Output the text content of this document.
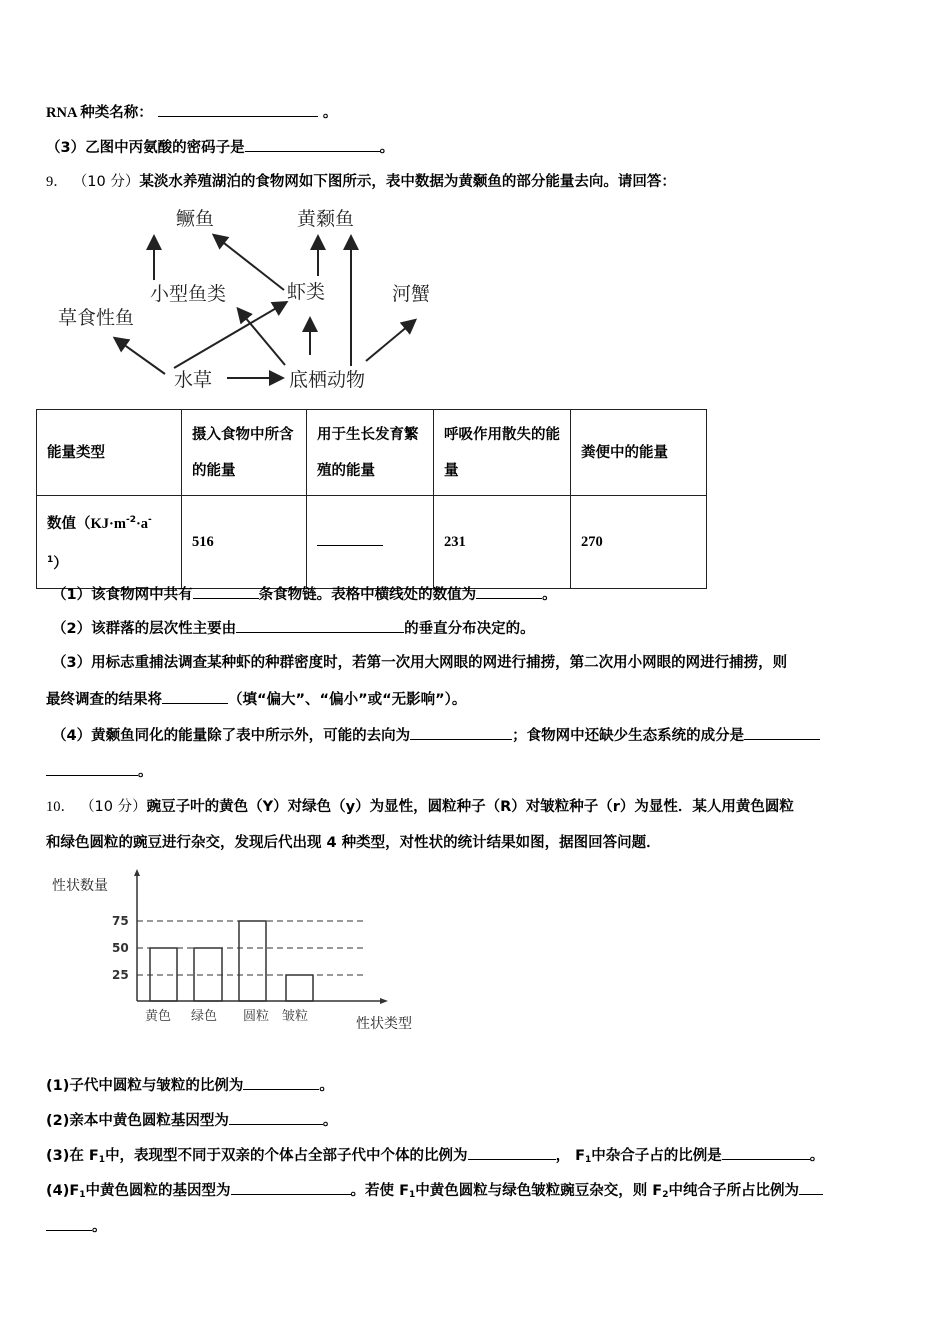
RNA 种类名称：	。
（3）乙图中丙氨酸的密码子是	。
9． （10 分）某淡水养殖湖泊的食物网如下图所示，表中数据为黄颡鱼的部分能量去向。请回答：
鳜鱼	黄颡鱼
小型鱼类	虾类	河蟹
草食性鱼
水草	底栖动物
能量类型	摄入食物中所含的能量	用于生长发育繁殖的能量	呼吸作用散失的能量	粪便中的能量
数值（$KJ\cdot m^{-2}\cdot a^-$
$^1$）	516		231	270
（1）该食物网中共有	条食物链。表格中横线处的数值为	。
（2）该群落的层次性主要由	的垂直分布决定的。
（3）用标志重捕法调查某种虾的种群密度时，若第一次用大网眼的网进行捕捞，第二次用小网眼的网进行捕捞，则
最终调查的结果将	（填“偏大”、“偏小”或“无影响”）。
（4）黄颡鱼同化的能量除了表中所示外，可能的去向为	；食物网中还缺少生态系统的成分是
。
10． （10 分）豌豆子叶的黄色（Y）对绿色（y）为显性，圆粒种子（R）对皱粒种子（r）为显性．某人用黄色圆粒
和绿色圆粒的豌豆进行杂交，发现后代出现 4 种类型，对性状的统计结果如图，据图回答问题．
性状数量
75
50
25
黄色 绿色 圆粒 皱粒	性状类型
(1)子代中圆粒与皱粒的比例为	。
(2)亲本中黄色圆粒基因型为	。
(3)在 $F_1$中，表现型不同于双亲的个体占全部子代中个体的比例为	， $F_1$中杂合子占的比例是	。
$(4)F_1$中黄色圆粒的基因型为	。若使 $F_1$中黄色圆粒与绿色皱粒豌豆杂交，则 $F_2$中纯合子所占比例为
。
